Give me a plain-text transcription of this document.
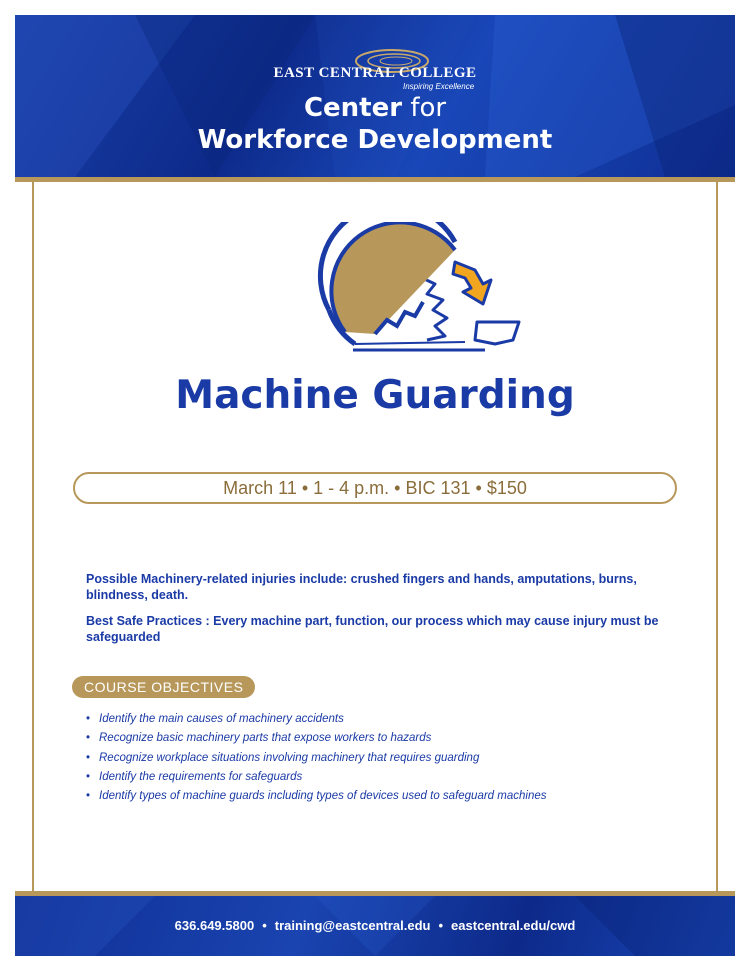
EAST CENTRAL COLLEGE
Inspiring Excellence
Center for
Workforce Development
Machine Guarding
March 11 • 1 - 4 p.m. • BIC 131 • $150
Possible Machinery-related injuries include: crushed fingers and hands, amputations, burns, blindness, death.
Best Safe Practices : Every machine part, function, our process which may cause injury must be safeguarded
COURSE OBJECTIVES
• Identify the main causes of machinery accidents
• Recognize basic machinery parts that expose workers to hazards
• Recognize workplace situations involving machinery that requires guarding
• Identify the requirements for safeguards
• Identify types of machine guards including types of devices used to safeguard machines
636.649.5800 • training@eastcentral.edu • eastcentral.edu/cwd
